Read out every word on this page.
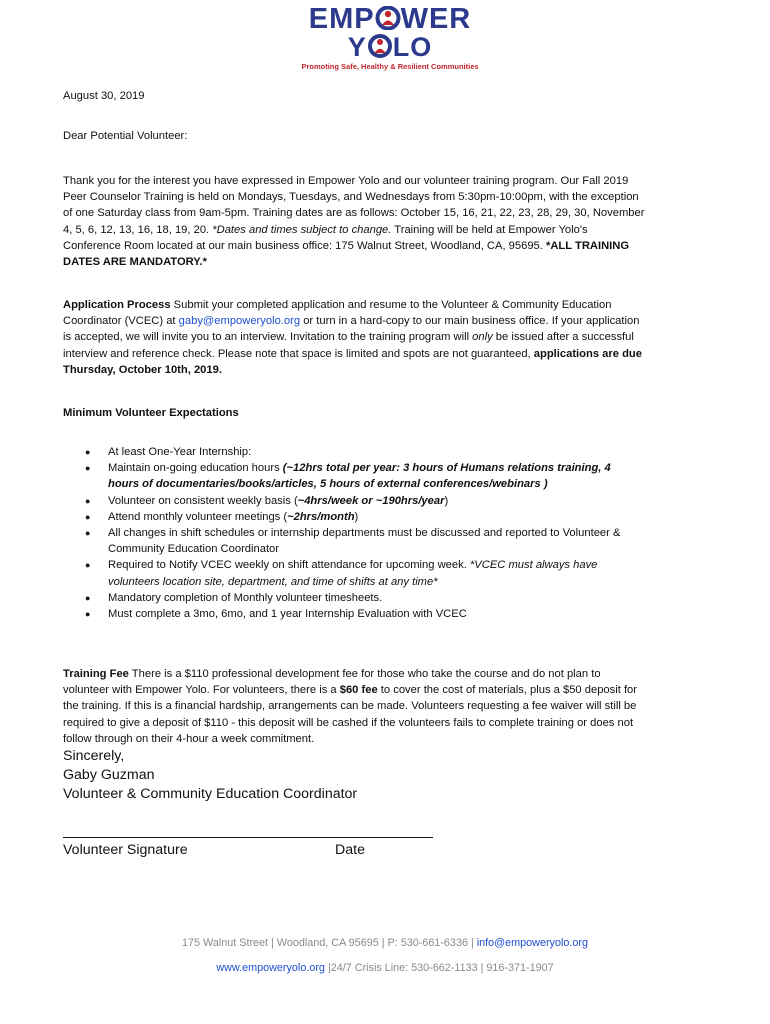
EMP WER
Y LO
Promoting Safe, Healthy & Resilient Communities
August 30, 2019
Dear Potential Volunteer:
Thank you for the interest you have expressed in Empower Yolo and our volunteer training program. Our Fall 2019 Peer Counselor Training is held on Mondays, Tuesdays, and Wednesdays from 5:30pm-10:00pm, with the exception of one Saturday class from 9am-5pm. Training dates are as follows: October 15, 16, 21, 22, 23, 28, 29, 30, November 4, 5, 6, 12, 13, 16, 18, 19, 20. *Dates and times subject to change. Training will be held at Empower Yolo's Conference Room located at our main business office: 175 Walnut Street, Woodland, CA, 95695. *ALL TRAINING DATES ARE MANDATORY.*
Application Process Submit your completed application and resume to the Volunteer & Community Education Coordinator (VCEC) at gaby@empoweryolo.org or turn in a hard-copy to our main business office. If your application is accepted, we will invite you to an interview. Invitation to the training program will only be issued after a successful interview and reference check. Please note that space is limited and spots are not guaranteed, applications are due Thursday, October 10th, 2019.
Minimum Volunteer Expectations
● At least One-Year Internship:
● Maintain on-going education hours (~12hrs total per year: 3 hours of Humans relations training, 4 hours of documentaries/books/articles, 5 hours of external conferences/webinars )
● Volunteer on consistent weekly basis (~4hrs/week or ~190hrs/year)
● Attend monthly volunteer meetings (~2hrs/month)
● All changes in shift schedules or internship departments must be discussed and reported to Volunteer & Community Education Coordinator
● Required to Notify VCEC weekly on shift attendance for upcoming week. *VCEC must always have volunteers location site, department, and time of shifts at any time*
● Mandatory completion of Monthly volunteer timesheets.
● Must complete a 3mo, 6mo, and 1 year Internship Evaluation with VCEC
Training Fee There is a $110 professional development fee for those who take the course and do not plan to volunteer with Empower Yolo. For volunteers, there is a $60 fee to cover the cost of materials, plus a $50 deposit for the training. If this is a financial hardship, arrangements can be made. Volunteers requesting a fee waiver will still be required to give a deposit of $110 - this deposit will be cashed if the volunteers fails to complete training or does not follow through on their 4-hour a week commitment.
Sincerely,
Gaby Guzman
Volunteer & Community Education Coordinator
Volunteer Signature	Date
175 Walnut Street | Woodland, CA 95695 | P: 530-661-6336 | info@empoweryolo.org
www.empoweryolo.org |24/7 Crisis Line: 530-662-1133 | 916-371-1907
